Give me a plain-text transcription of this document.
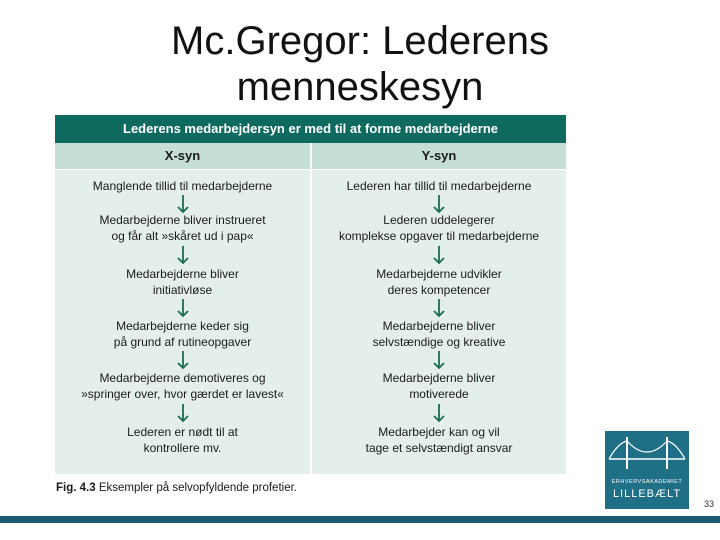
Mc.Gregor: Lederens
menneskesyn
Lederens medarbejdersyn er med til at forme medarbejderne
X-syn	Y-syn
Manglende tillid til medarbejderne
Medarbejderne bliver instrueret
og får alt »skåret ud i pap«
Medarbejderne bliver
initiativløse
Medarbejderne keder sig
på grund af rutineopgaver
Medarbejderne demotiveres og
»springer over, hvor gærdet er lavest«
Lederen er nødt til at
kontrollere mv.
Lederen har tillid til medarbejderne
Lederen uddelegerer
komplekse opgaver til medarbejderne
Medarbejderne udvikler
deres kompetencer
Medarbejderne bliver
selvstændige og kreative
Medarbejderne bliver
motiverede
Medarbejder kan og vil
tage et selvstændigt ansvar
Fig. 4.3 Eksempler på selvopfyldende profetier.	ERHVERVSAKADEMIET
LILLEBÆLT
33
